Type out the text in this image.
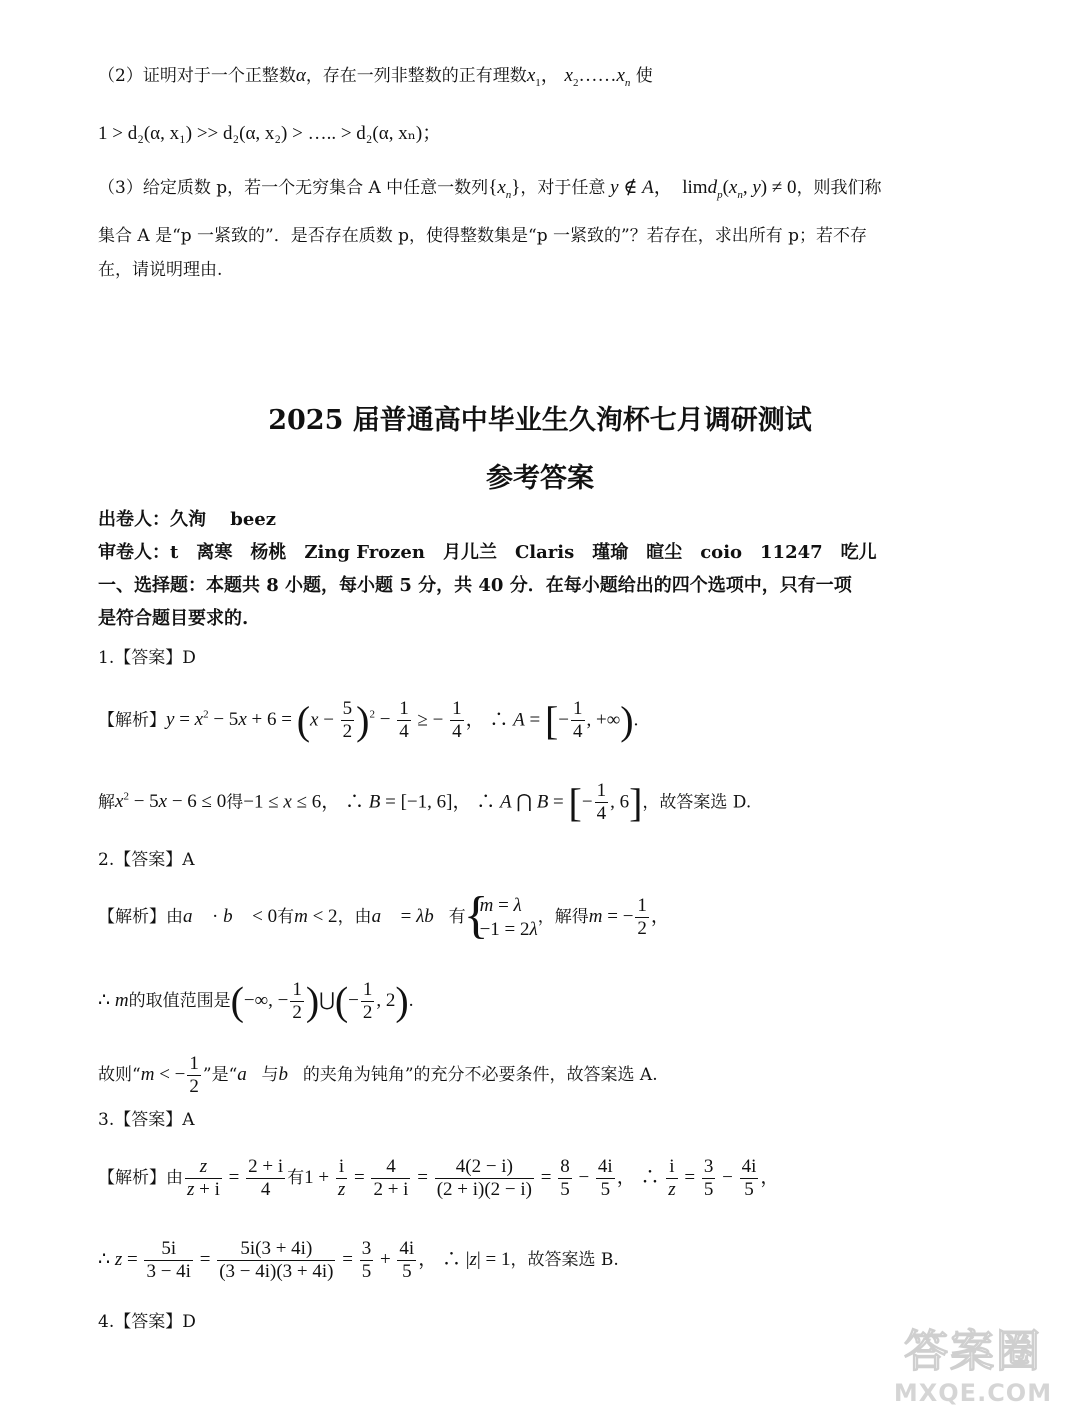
（2）证明对于一个正整数α，存在一列非整数的正有理数$x_1$， $x_2\dots\dots x_n$ 使
1 > d₂(α, x₁) >> d₂(α, x₂) > ….. > d₂(α, xₙ)；
（3）给定质数 p，若一个无穷集合 A 中任意一数列$\{x_n\}$，对于任意 y ∉ A，  $\lim d_p(x_n$, y) ≠ 0，则我们称
集合 A 是“p 一紧致的”．是否存在质数 p，使得整数集是“p 一紧致的”？若存在，求出所有 p；若不存
在，请说明理由.
2025 届普通高中毕业生久洵杯七月调研测试
参考答案
出卷人：久洵　 beez
审卷人：t　离寒　杨桃　Zing Frozen　月儿兰　Claris　瑾瑜　暄尘　coio　11247　吃儿
一、选择题：本题共 8 小题，每小题 5 分，共 40 分．在每小题给出的四个选项中，只有一项
是符合题目要求的.
1.【答案】D
【解析】$y = x^2 - 5x + 6 = (x - \frac{5}{2} )^2 - \frac{1}{4}$ ≥ − $\frac{1}{4}$ ， ∴ A = [− $\frac{1}{4}$ , +∞).
解$x^2 - 5x - 6 \le 0$得−1 ≤ x ≤ 6， ∴ B = [−1, 6]， ∴ A ⋂ B = [− $\frac{1}{4}$ , 6]，故答案选 D.
2.【答案】A
【解析】由a⃗ · b⃗ < 0有m < 2，由a⃗ = λb⃗有
{ m = λ
−1 = 2λ
，解得m = − $\frac{1}{2}$ ，
∴ m的取值范围是(−∞, − $\frac{1}{2}$ )⋃(− $\frac{1}{2}$ , 2).
故则“m < − $\frac{1}{2}$ ”是“a⃗与b⃗的夹角为钝角”的充分不必要条件，故答案选 A.
3.【答案】A
【解析】由 $\frac{z}{z + i} = \frac{2 + i}{4}$ 有$1 + \frac{i}{z} = \frac{4}{2 + i} = \frac{4(2 - i)}{(2 + i)(2 - i)} = \frac{8}{5} - \frac{4i}{5}$ ， ∴ $\frac{i}{z} = \frac{3}{5} - \frac{4i}{5}$ ，
∴ $z = \frac{5i}{3 - 4i} = \frac{5i(3 + 4i)}{(3 - 4i)(3 + 4i)} = \frac{3}{5} + \frac{4i}{5}$ ， ∴ |z| = 1，故答案选 B.
4.【答案】D
答案圈
MXQE.COM
